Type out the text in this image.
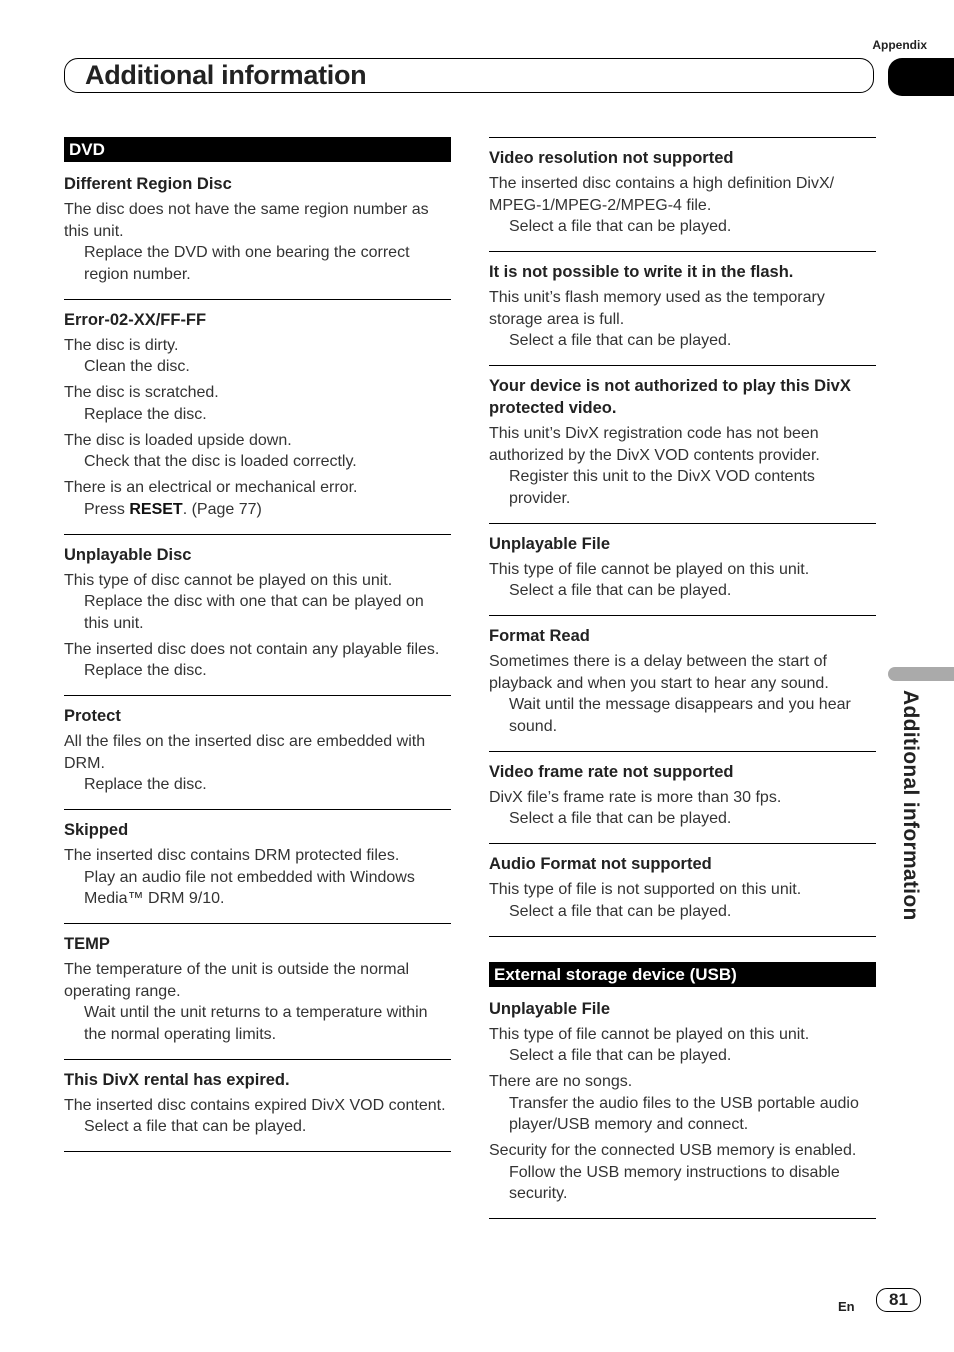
Appendix
Additional information
Additional information
DVD
Different Region Disc
The disc does not have the same region number as this unit.
Replace the DVD with one bearing the correct region number.
Error-02-XX/FF-FF
The disc is dirty.
Clean the disc.
The disc is scratched.
Replace the disc.
The disc is loaded upside down.
Check that the disc is loaded correctly.
There is an electrical or mechanical error.
Press RESET. (Page 77)
Unplayable Disc
This type of disc cannot be played on this unit.
Replace the disc with one that can be played on this unit.
The inserted disc does not contain any playable files.
Replace the disc.
Protect
All the files on the inserted disc are embedded with DRM.
Replace the disc.
Skipped
The inserted disc contains DRM protected files.
Play an audio file not embedded with Windows Media™ DRM 9/10.
TEMP
The temperature of the unit is outside the normal operating range.
Wait until the unit returns to a temperature within the normal operating limits.
This DivX rental has expired.
The inserted disc contains expired DivX VOD content.
Select a file that can be played.
Video resolution not supported
The inserted disc contains a high definition DivX/ MPEG-1/MPEG-2/MPEG-4 file.
Select a file that can be played.
It is not possible to write it in the flash.
This unit’s flash memory used as the temporary storage area is full.
Select a file that can be played.
Your device is not authorized to play this DivX protected video.
This unit’s DivX registration code has not been authorized by the DivX VOD contents provider.
Register this unit to the DivX VOD contents provider.
Unplayable File
This type of file cannot be played on this unit.
Select a file that can be played.
Format Read
Sometimes there is a delay between the start of playback and when you start to hear any sound.
Wait until the message disappears and you hear sound.
Video frame rate not supported
DivX file’s frame rate is more than 30 fps.
Select a file that can be played.
Audio Format not supported
This type of file is not supported on this unit.
Select a file that can be played.
External storage device (USB)
Unplayable File
This type of file cannot be played on this unit.
Select a file that can be played.
There are no songs.
Transfer the audio files to the USB portable audio player/USB memory and connect.
Security for the connected USB memory is enabled.
Follow the USB memory instructions to disable security.
En	81
